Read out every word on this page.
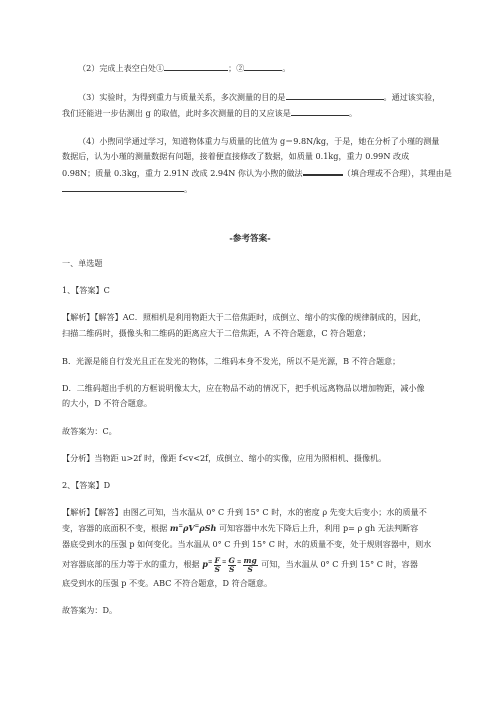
（2）完成上表空白处①	；②	。
（3）实验时，为得到重力与质量关系，多次测量的目的是	。通过该实验，
我们还能进一步估测出 g 的取值，此时多次测量的目的又应该是	。
（4）小煦同学通过学习，知道物体重力与质量的比值为 g＝9.8N/kg，于是，她在分析了小瑾的测量
数据后，认为小瑾的测量数据有问题，接着便直接修改了数据，如质量 0.1kg，重力 0.99N 改成
0.98N；质量 0.3kg，重力 2.91N 改成 2.94N 你认为小煦的做法	（填合理或不合理），其理由是
。
-参考答案-
一、单选题
1、【答案】C
【解析】【解答】AC．照相机是利用物距大于二倍焦距时，成倒立、缩小的实像的规律制成的，因此，
扫描二维码时，摄像头和二维码的距离应大于二倍焦距，A 不符合题意，C 符合题意；
B．光源是能自行发光且正在发光的物体，二维码本身不发光，所以不是光源，B 不符合题意；
D．二维码超出手机的方框说明像太大，应在物品不动的情况下，把手机远离物品以增加物距，减小像
的大小，D 不符合题意。
故答案为：C。
【分析】当物距 u>2f 时，像距 f<v<2f，成倒立、缩小的实像，应用为照相机、摄像机。
2、【答案】D
【解析】【解答】由图乙可知，当水温从 0° C 升到 15° C 时，水的密度 ρ 先变大后变小；水的质量不
变，容器的底面积不变，根据 m=ρV=ρSh 可知容器中水先下降后上升，利用 p= ρ gh 无法判断容
器底受到水的压强 p 如何变化。当水温从 0° C 升到 15° C 时，水的质量不变，处于规则容器中，则水
对容器底部的压力等于水的重力，根据 $p^= \frac{F}{S} ^= \frac{G}{S} ^= \frac{mg}{S}$ 可知，当水温从 0° C 升到 15° C 时，容器
底受到水的压强 p 不变。ABC 不符合题意，D 符合题意。
故答案为：D。
